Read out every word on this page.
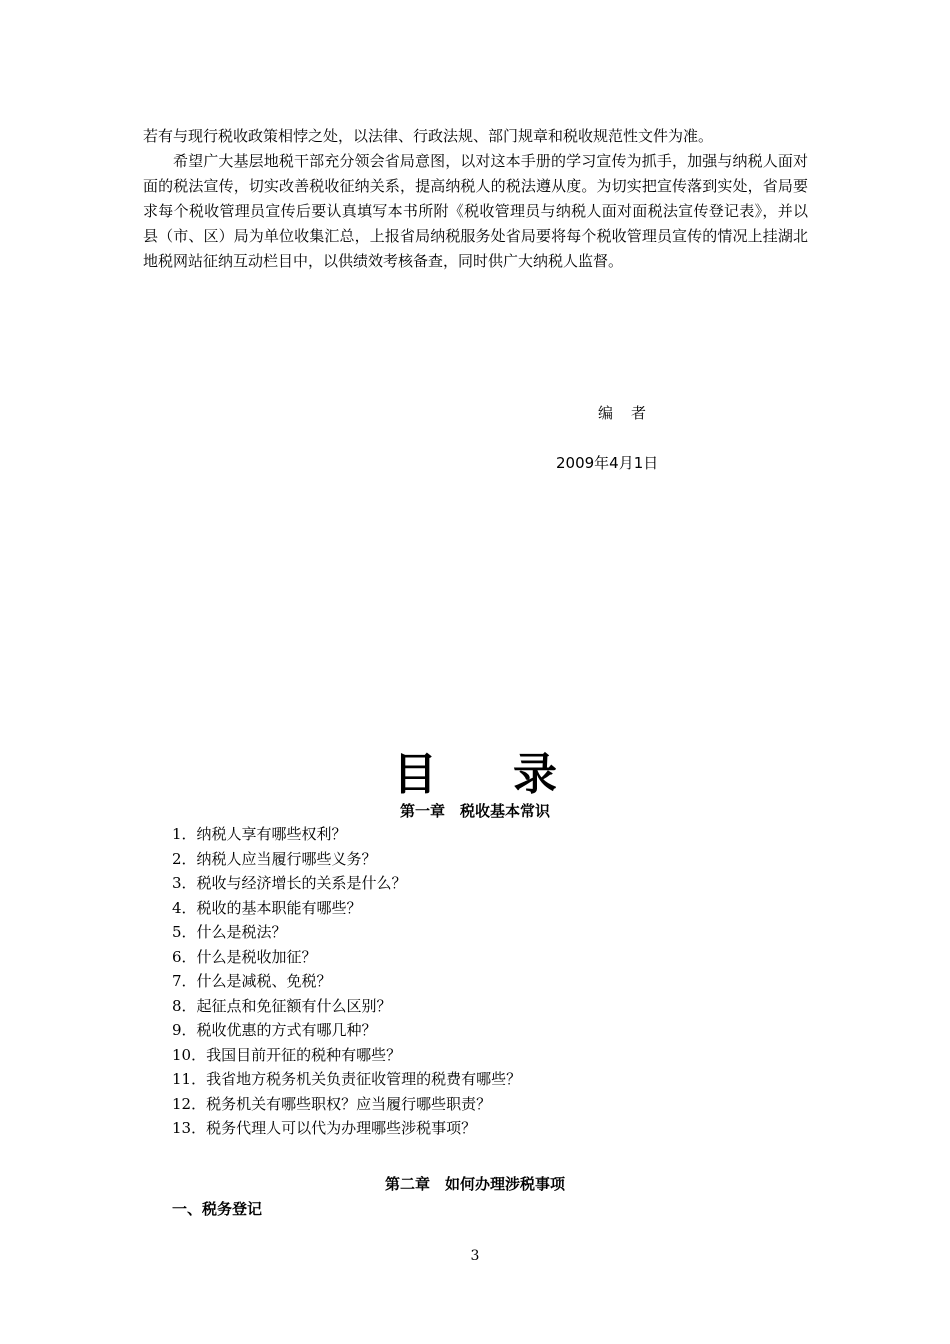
若有与现行税收政策相悖之处，以法律、行政法规、部门规章和税收规范性文件为准。

希望广大基层地税干部充分领会省局意图，以对这本手册的学习宣传为抓手，加强与纳税人面对面的税法宣传，切实改善税收征纳关系，提高纳税人的税法遵从度。为切实把宣传落到实处，省局要求每个税收管理员宣传后要认真填写本书所附《税收管理员与纳税人面对面税法宣传登记表》，并以县（市、区）局为单位收集汇总，上报省局纳税服务处省局要将每个税收管理员宣传的情况上挂湖北地税网站征纳互动栏目中，以供绩效考核备查，同时供广大纳税人监督。

编者
2009年4月1日
目录
第一章　税收基本常识
1．纳税人享有哪些权利？
2．纳税人应当履行哪些义务？
3．税收与经济增长的关系是什么？
4．税收的基本职能有哪些？
5．什么是税法？
6．什么是税收加征？
7．什么是减税、免税？
8．起征点和免征额有什么区别？
9．税收优惠的方式有哪几种？
10．我国目前开征的税种有哪些？
11．我省地方税务机关负责征收管理的税费有哪些？
12．税务机关有哪些职权？应当履行哪些职责？
13．税务代理人可以代为办理哪些涉税事项？
第二章　如何办理涉税事项
一、税务登记
3
